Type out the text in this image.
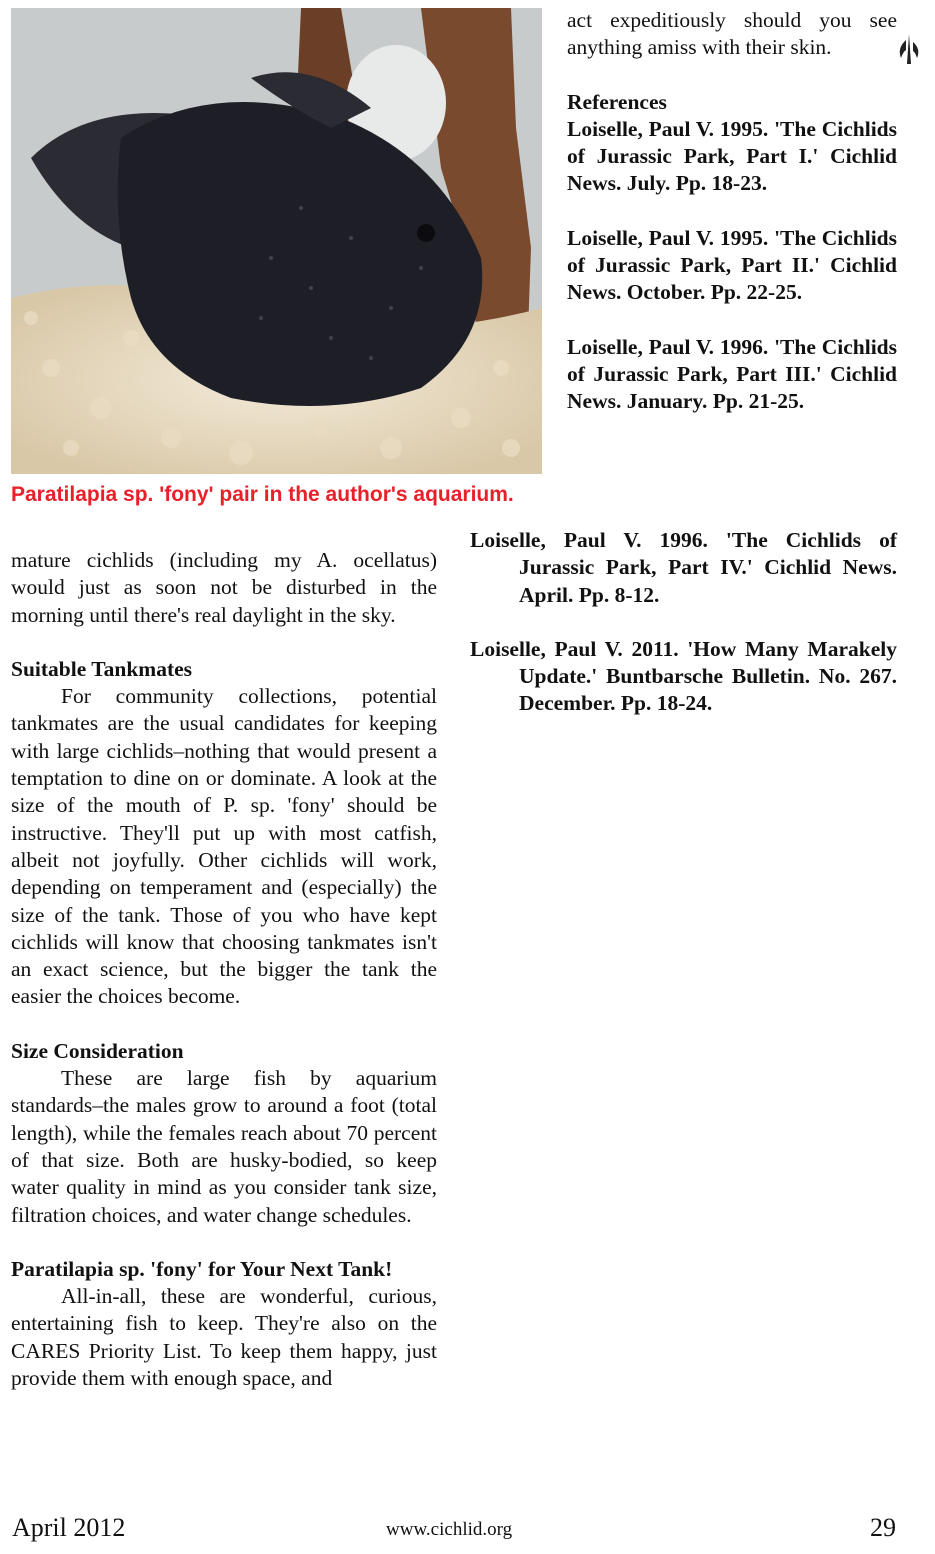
Paratilapia sp. 'fony' pair in the author's aquarium.

mature cichlids (including my A. ocellatus) would just as soon not be disturbed in the morning until there's real daylight in the sky.

Suitable Tankmates

For community collections, potential tankmates are the usual candidates for keeping with large cichlids–nothing that would present a temptation to dine on or dominate. A look at the size of the mouth of P. sp. 'fony' should be instructive. They'll put up with most catfish, albeit not joyfully. Other cichlids will work, depending on temperament and (especially) the size of the tank. Those of you who have kept cichlids will know that choosing tankmates isn't an exact science, but the bigger the tank the easier the choices become.

Size Consideration

These are large fish by aquarium standards–the males grow to around a foot (total length), while the females reach about 70 percent of that size. Both are husky-bodied, so keep water quality in mind as you consider tank size, filtration choices, and water change schedules.

Paratilapia sp. 'fony' for Your Next Tank!

All-in-all, these are wonderful, curious, entertaining fish to keep. They're also on the CARES Priority List. To keep them happy, just provide them with enough space, and

act expeditiously should you see anything amiss with their skin.

References

Loiselle, Paul V. 1995. 'The Cichlids of Jurassic Park, Part I.' Cichlid News. July. Pp. 18-23.

Loiselle, Paul V. 1995. 'The Cichlids of Jurassic Park, Part II.' Cichlid News. October. Pp. 22-25.

Loiselle, Paul V. 1996. 'The Cichlids of Jurassic Park, Part III.' Cichlid News. January. Pp. 21-25.

Loiselle, Paul V. 1996. 'The Cichlids of Jurassic Park, Part IV.' Cichlid News. April. Pp. 8-12.

Loiselle, Paul V. 2011. 'How Many Marakely Update.' Buntbarsche Bulletin. No. 267. December. Pp. 18-24.

April 2012	www.cichlid.org	29
